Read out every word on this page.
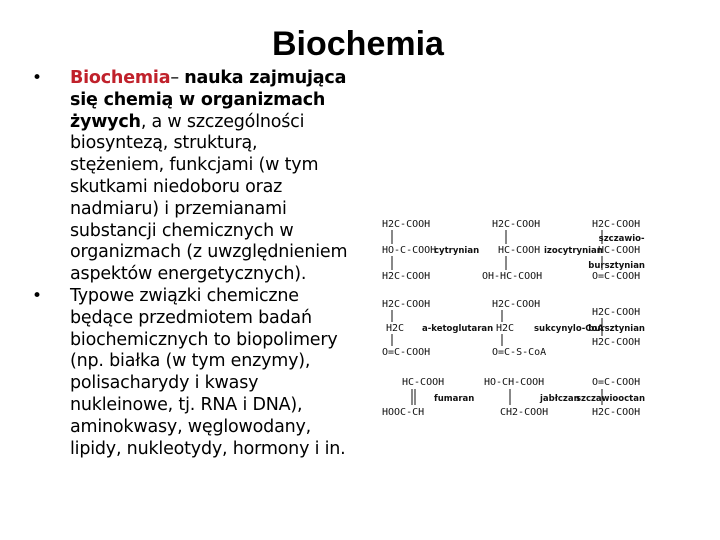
Biochemia
•	Biochemia– nauka zajmująca się chemią w organizmach żywych, a w szczególności biosyntezą, strukturą, stężeniem, funkcjami (w tym skutkami niedoboru oraz nadmiaru) i przemianami substancji chemicznych w organizmach (z uwzględnieniem aspektów energetycznych).
•	Typowe związki chemiczne będące przedmiotem badań biochemicznych to biopolimery (np. białka (w tym enzymy), polisacharydy i kwasy nukleinowe, tj. RNA i DNA), aminokwasy, węglowodany, lipidy, nukleotydy, hormony i in.
H2C-COOH
HO-C-COOH
H2C-COOH
cytrynian
H2C-COOH
HC-COOH
OH-HC-COOH
izocytrynian
H2C-COOH
HC-COOH
O=C-COOH
szczawio-
bursztynian
H2C-COOH
H2C
O=C-COOH
a-ketoglutaran
H2C-COOH
H2C
O=C-S-CoA
sukcynylo-CoA
H2C-COOH
H2C-COOH
bursztynian
HC-COOH
HOOC-CH
fumaran
HO-CH-COOH
CH2-COOH
jabłczan
O=C-COOH
H2C-COOH
szczawiooctan
